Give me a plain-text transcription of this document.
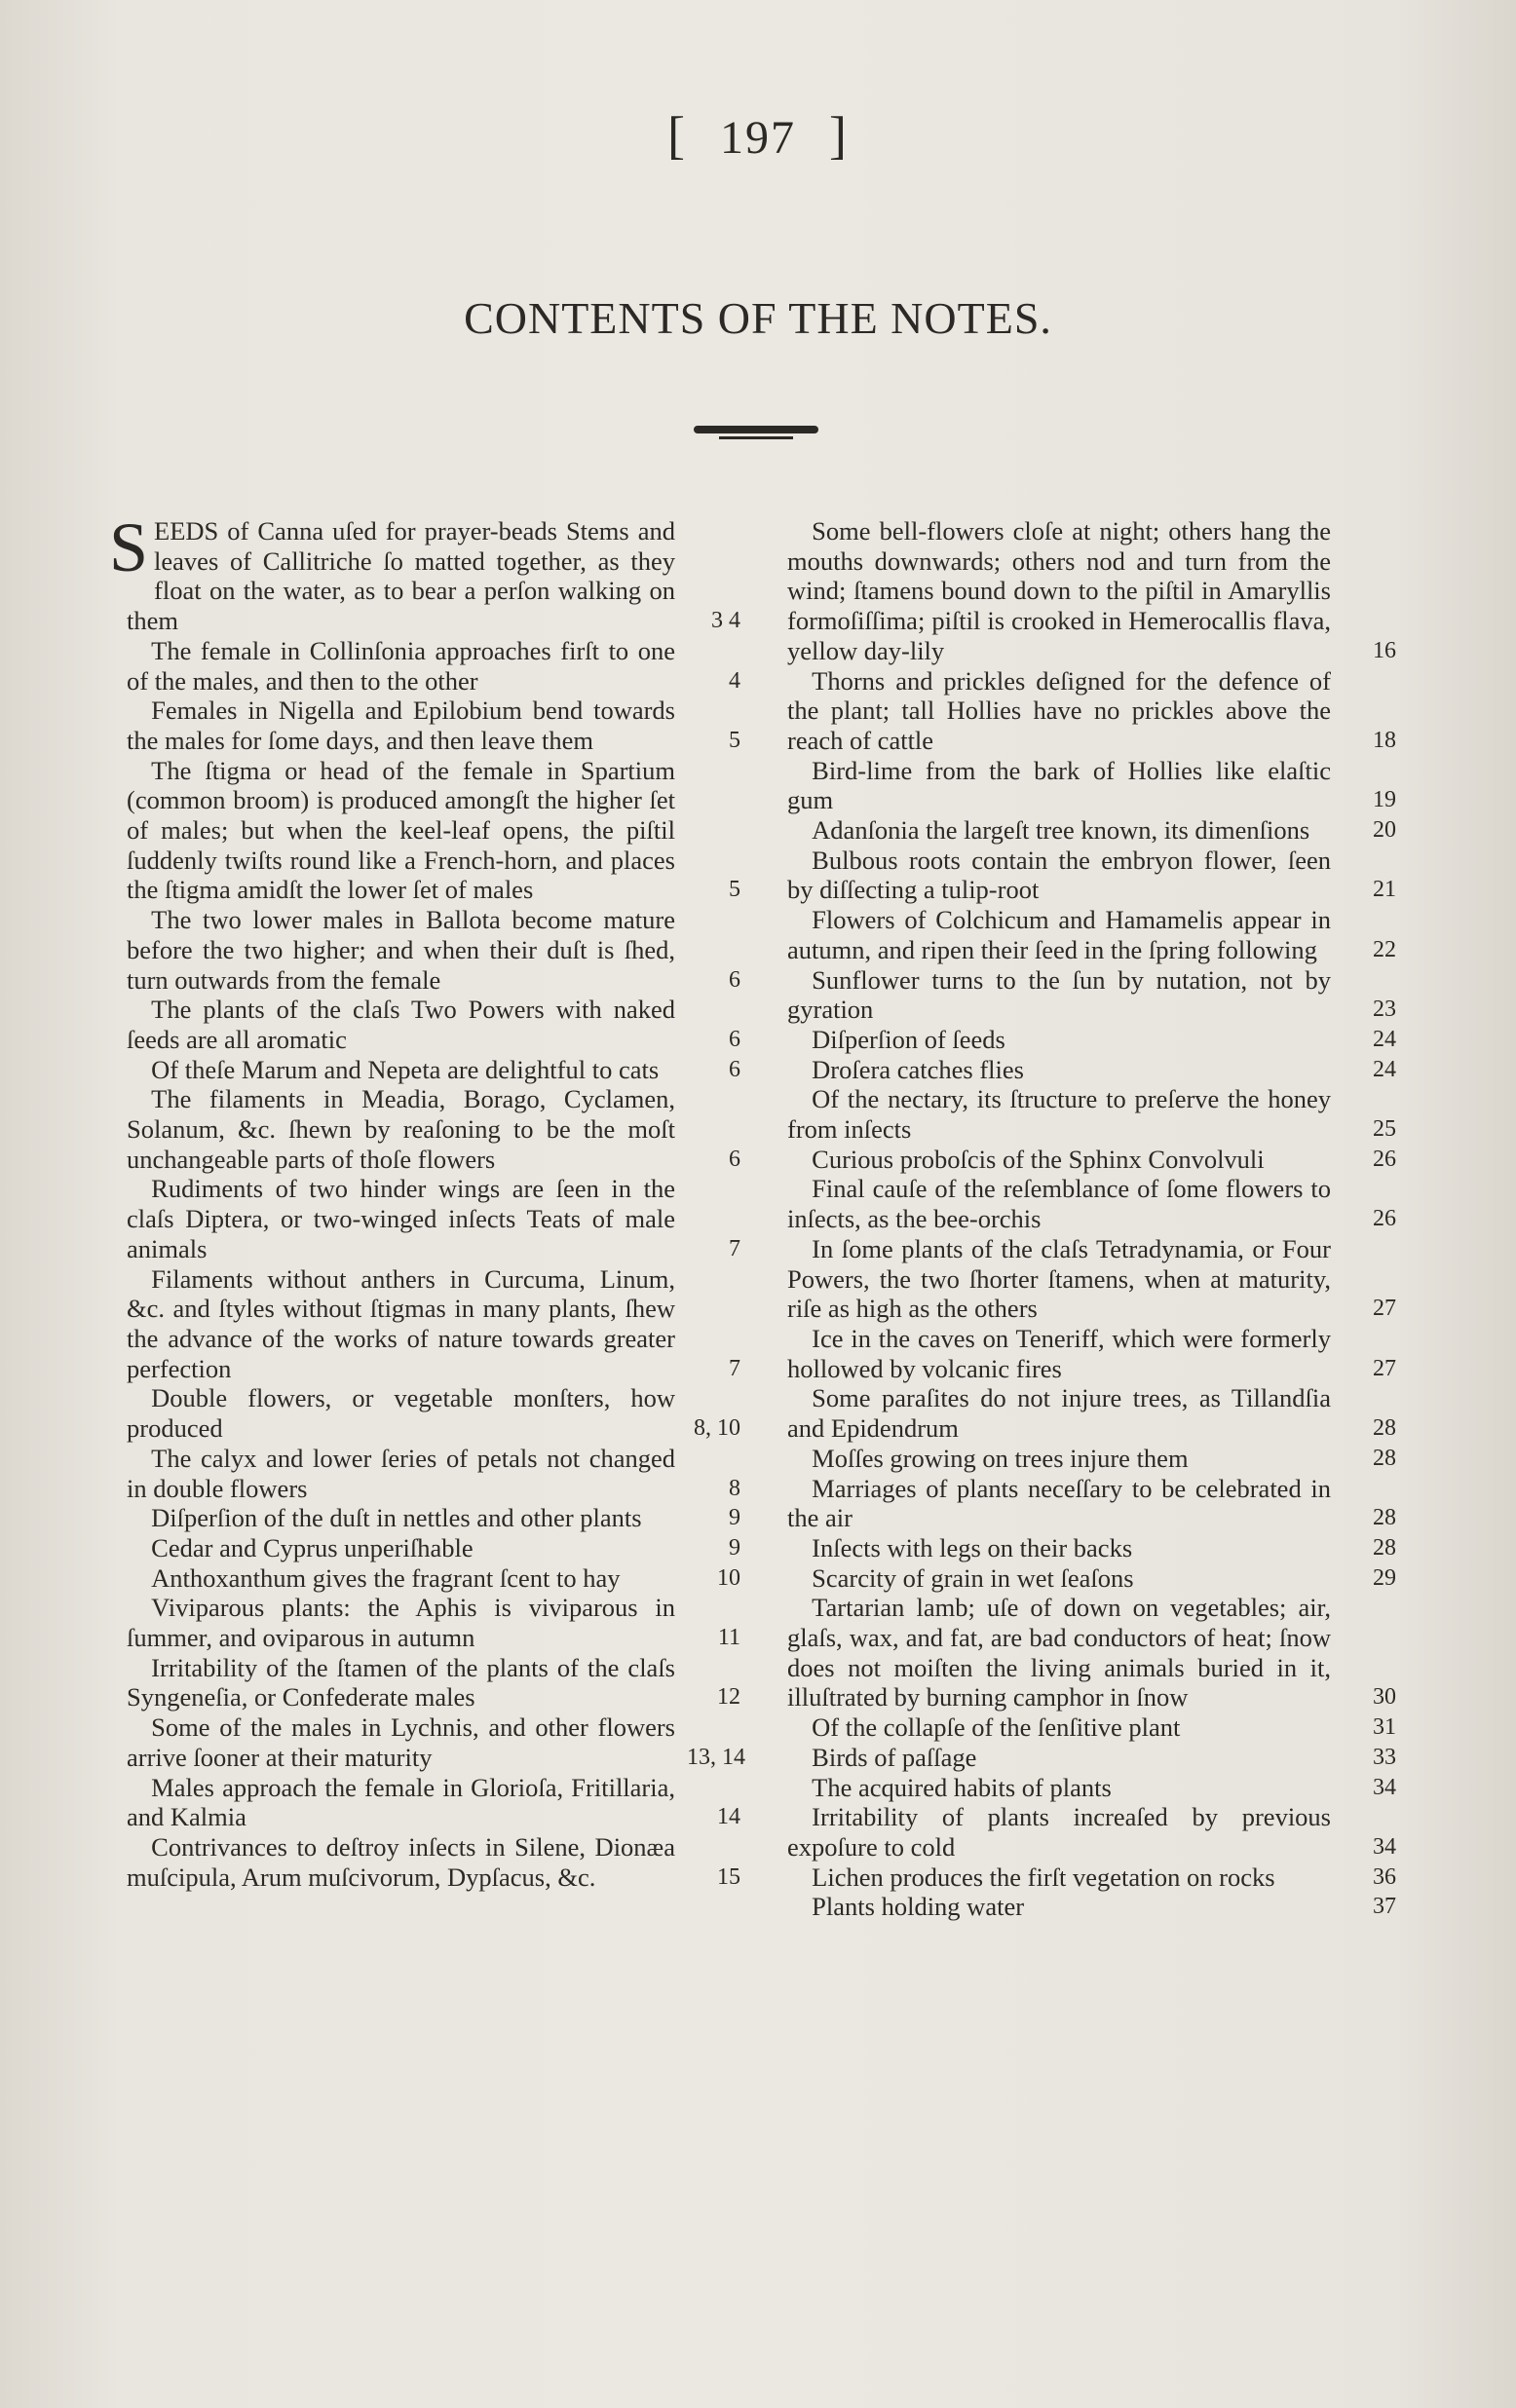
[ 197 ]
CONTENTS OF THE NOTES.
SEEDS of Canna uſed for prayer-beads Stems and leaves of Callitriche ſo matted together, as they float on the water, as to bear a perſon walking on them	3 4
The female in Collinſonia approaches firſt to one of the males, and then to the other	4
Females in Nigella and Epilobium bend towards the males for ſome days, and then leave them	5
The ſtigma or head of the female in Spartium (common broom) is produced amongſt the higher ſet of males; but when the keel-leaf opens, the piſtil ſuddenly twiſts round like a French-horn, and places the ſtigma amidſt the lower ſet of males	5
The two lower males in Ballota become mature before the two higher; and when their duſt is ſhed, turn outwards from the female	6
The plants of the claſs Two Powers with naked ſeeds are all aromatic	6
Of theſe Marum and Nepeta are delightful to cats	6
The filaments in Meadia, Borago, Cyclamen, Solanum, &c. ſhewn by reaſoning to be the moſt unchangeable parts of thoſe flowers	6
Rudiments of two hinder wings are ſeen in the claſs Diptera, or two-winged inſects Teats of male animals	7
Filaments without anthers in Curcuma, Linum, &c. and ſtyles without ſtigmas in many plants, ſhew the advance of the works of nature towards greater perfection	7
Double flowers, or vegetable monſters, how produced	8, 10
The calyx and lower ſeries of petals not changed in double flowers	8
Diſperſion of the duſt in nettles and other plants	9
Cedar and Cyprus unperiſhable	9
Anthoxanthum gives the fragrant ſcent to hay	10
Viviparous plants: the Aphis is viviparous in ſummer, and oviparous in autumn	11
Irritability of the ſtamen of the plants of the claſs Syngeneſia, or Confederate males	12
Some of the males in Lychnis, and other flowers arrive ſooner at their maturity	13, 14
Males approach the female in Glorioſa, Fritillaria, and Kalmia	14
Contrivances to deſtroy inſects in Silene, Dionæa muſcipula, Arum muſcivorum, Dypſacus, &c.	15
Some bell-flowers cloſe at night; others hang the mouths downwards; others nod and turn from the wind; ſtamens bound down to the piſtil in Amaryllis formoſiſſima; piſtil is crooked in Hemerocallis flava, yellow day-lily	16
Thorns and prickles deſigned for the defence of the plant; tall Hollies have no prickles above the reach of cattle	18
Bird-lime from the bark of Hollies like elaſtic gum	19
Adanſonia the largeſt tree known, its dimenſions	20
Bulbous roots contain the embryon flower, ſeen by diſſecting a tulip-root	21
Flowers of Colchicum and Hamamelis appear in autumn, and ripen their ſeed in the ſpring following	22
Sunflower turns to the ſun by nutation, not by gyration	23
Diſperſion of ſeeds	24
Droſera catches flies	24
Of the nectary, its ſtructure to preſerve the honey from inſects	25
Curious proboſcis of the Sphinx Convolvuli	26
Final cauſe of the reſemblance of ſome flowers to inſects, as the bee-orchis	26
In ſome plants of the claſs Tetradynamia, or Four Powers, the two ſhorter ſtamens, when at maturity, riſe as high as the others	27
Ice in the caves on Teneriff, which were formerly hollowed by volcanic fires	27
Some paraſites do not injure trees, as Tillandſia and Epidendrum	28
Moſſes growing on trees injure them	28
Marriages of plants neceſſary to be celebrated in the air	28
Inſects with legs on their backs	28
Scarcity of grain in wet ſeaſons	29
Tartarian lamb; uſe of down on vegetables; air, glaſs, wax, and fat, are bad conductors of heat; ſnow does not moiſten the living animals buried in it, illuſtrated by burning camphor in ſnow	30
Of the collapſe of the ſenſitive plant	31
Birds of paſſage	33
The acquired habits of plants	34
Irritability of plants increaſed by previous expoſure to cold	34
Lichen produces the firſt vegetation on rocks	36
Plants holding water	37
